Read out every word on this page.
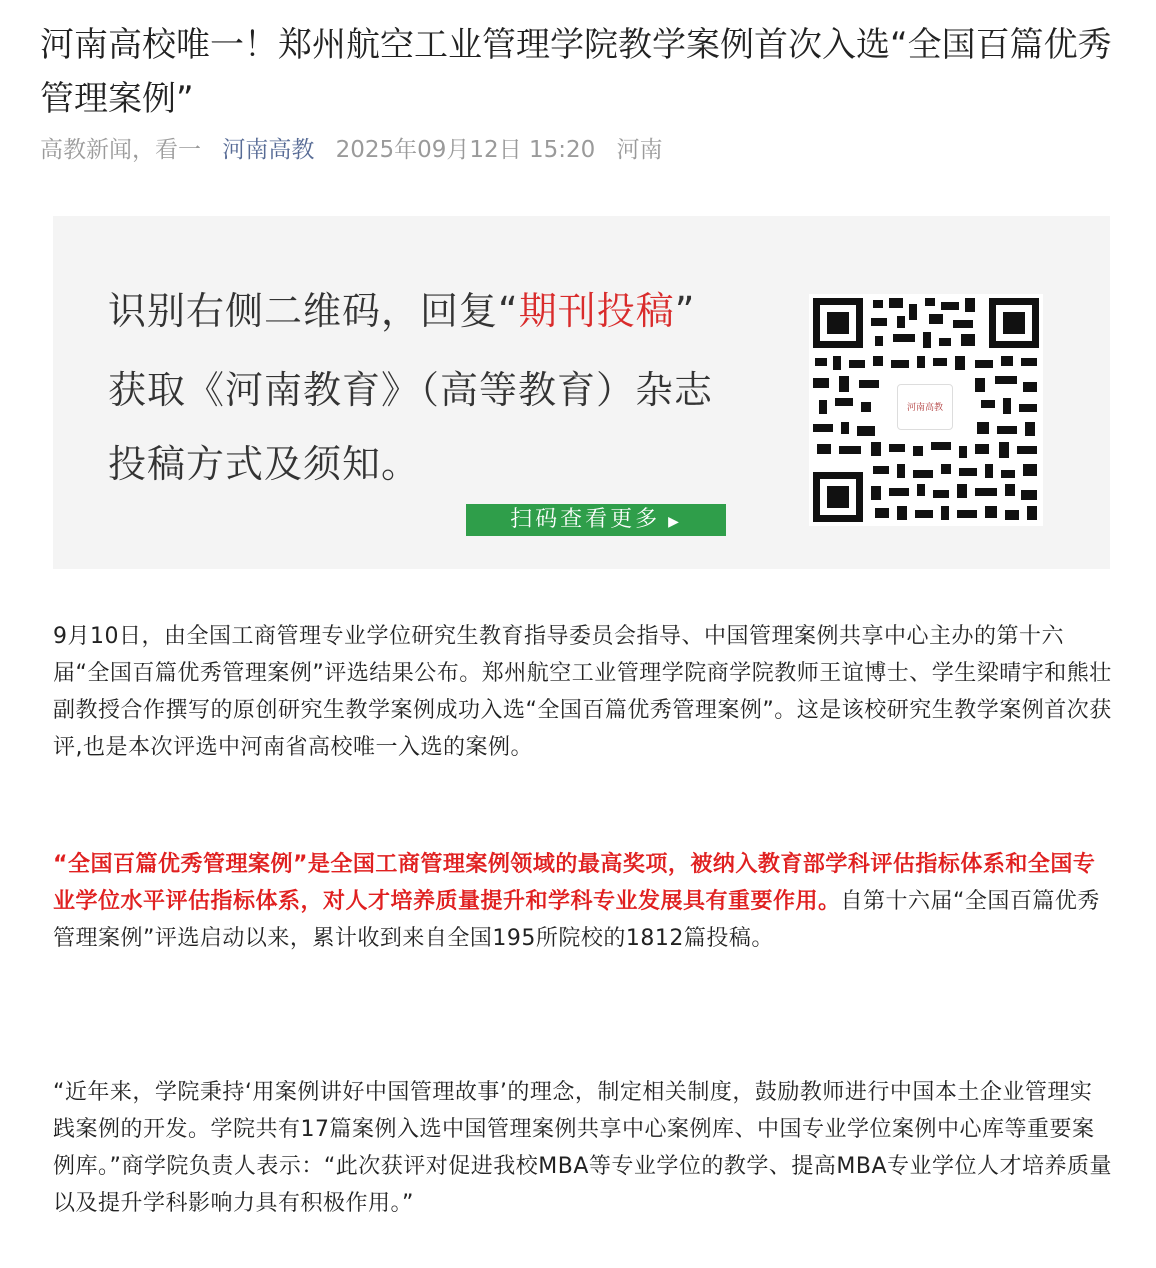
河南高校唯一！郑州航空工业管理学院教学案例首次入选“全国百篇优秀管理案例”
高教新闻，看一 河南高教 2025年09月12日 15:20 河南
识别右侧二维码，回复“期刊投稿”
获取《河南教育》（高等教育）杂志
投稿方式及须知。
扫码查看更多 ▶
河南高教

9月10日，由全国工商管理专业学位研究生教育指导委员会指导、中国管理案例共享中心主办的第十六届“全国百篇优秀管理案例”评选结果公布。郑州航空工业管理学院商学院教师王谊博士、学生梁晴宇和熊壮副教授合作撰写的原创研究生教学案例成功入选“全国百篇优秀管理案例”。这是该校研究生教学案例首次获评,也是本次评选中河南省高校唯一入选的案例。

“全国百篇优秀管理案例”是全国工商管理案例领域的最高奖项，被纳入教育部学科评估指标体系和全国专业学位水平评估指标体系，对人才培养质量提升和学科专业发展具有重要作用。自第十六届“全国百篇优秀管理案例”评选启动以来，累计收到来自全国195所院校的1812篇投稿。

“近年来，学院秉持‘用案例讲好中国管理故事’的理念，制定相关制度，鼓励教师进行中国本土企业管理实践案例的开发。学院共有17篇案例入选中国管理案例共享中心案例库、中国专业学位案例中心库等重要案例库。”商学院负责人表示：“此次获评对促进我校MBA等专业学位的教学、提高MBA专业学位人才培养质量以及提升学科影响力具有积极作用。”
